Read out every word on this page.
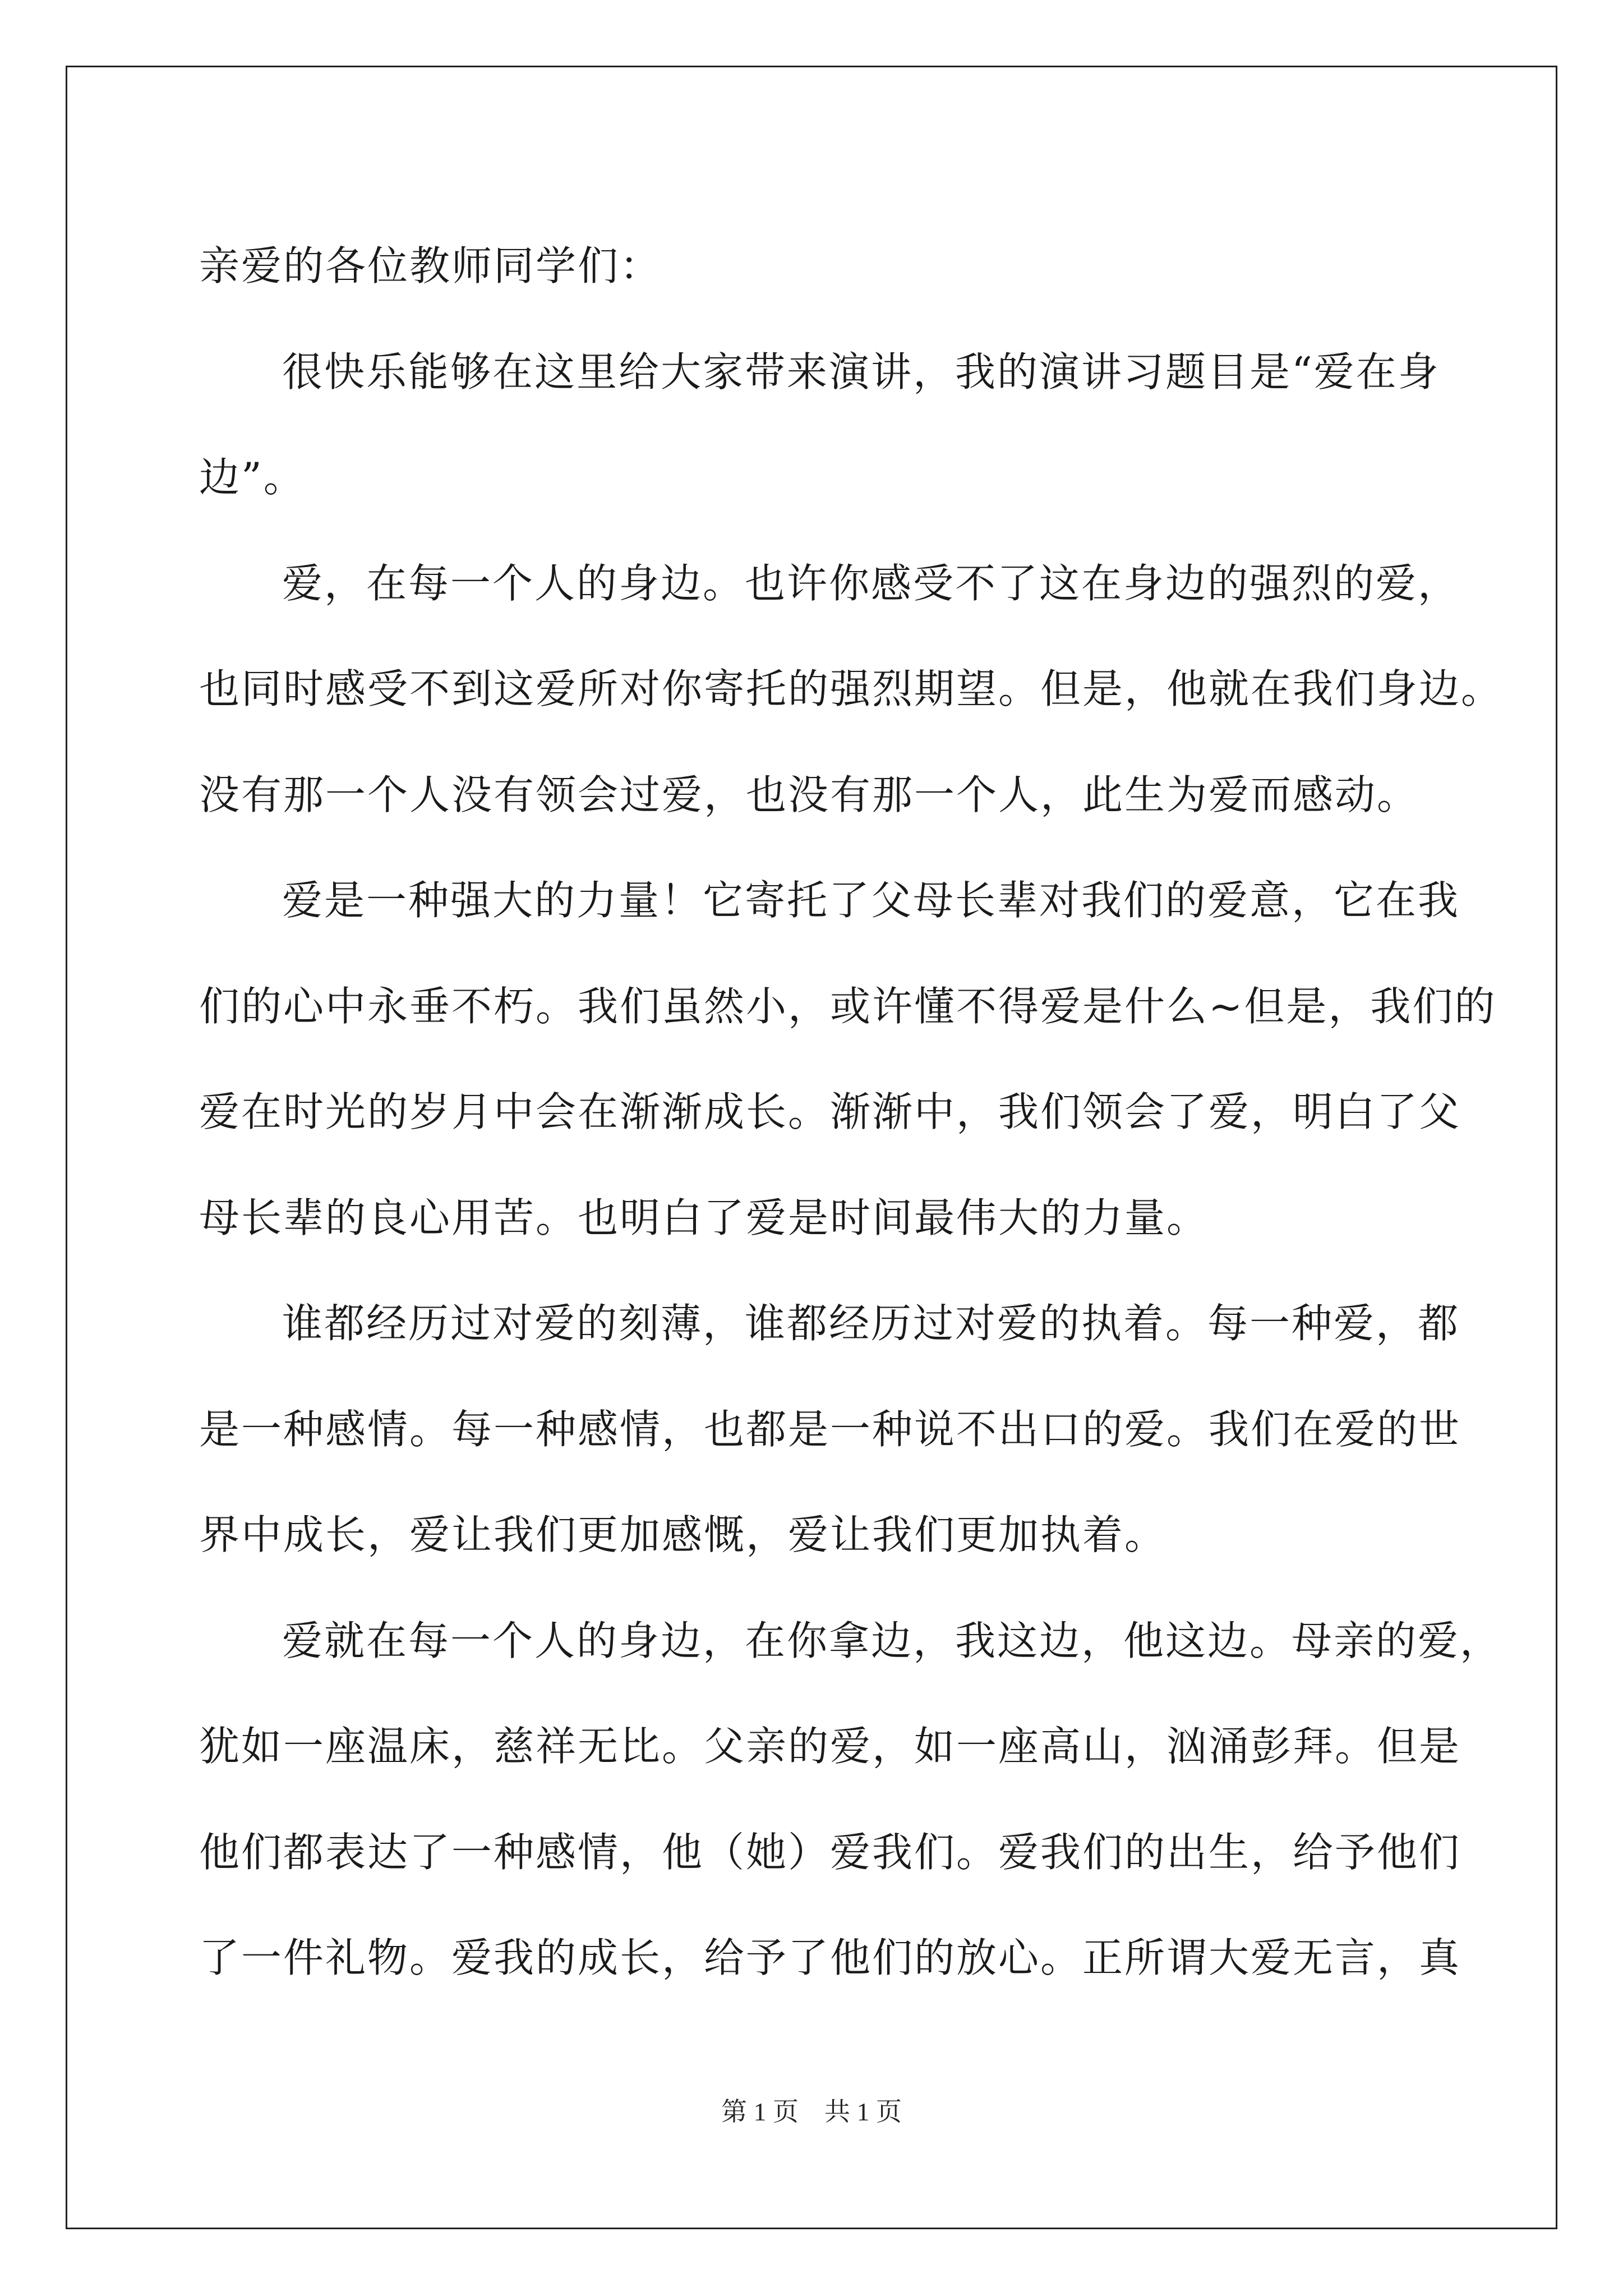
亲爱的各位教师同学们：
很快乐能够在这里给大家带来演讲，我的演讲习题目是“爱在身
边”。
爱，在每一个人的身边。也许你感受不了这在身边的强烈的爱，
也同时感受不到这爱所对你寄托的强烈期望。但是，他就在我们身边。
没有那一个人没有领会过爱，也没有那一个人，此生为爱而感动。
爱是一种强大的力量！它寄托了父母长辈对我们的爱意，它在我
们的心中永垂不朽。我们虽然小，或许懂不得爱是什么~但是，我们的
爱在时光的岁月中会在渐渐成长。渐渐中，我们领会了爱，明白了父
母长辈的良心用苦。也明白了爱是时间最伟大的力量。
谁都经历过对爱的刻薄，谁都经历过对爱的执着。每一种爱，都
是一种感情。每一种感情，也都是一种说不出口的爱。我们在爱的世
界中成长，爱让我们更加感慨，爱让我们更加执着。
爱就在每一个人的身边，在你拿边，我这边，他这边。母亲的爱，
犹如一座温床，慈祥无比。父亲的爱，如一座高山，汹涌彭拜。但是
他们都表达了一种感情，他（她）爱我们。爱我们的出生，给予他们
了一件礼物。爱我的成长，给予了他们的放心。正所谓大爱无言，真
第 1 页    共 1 页
